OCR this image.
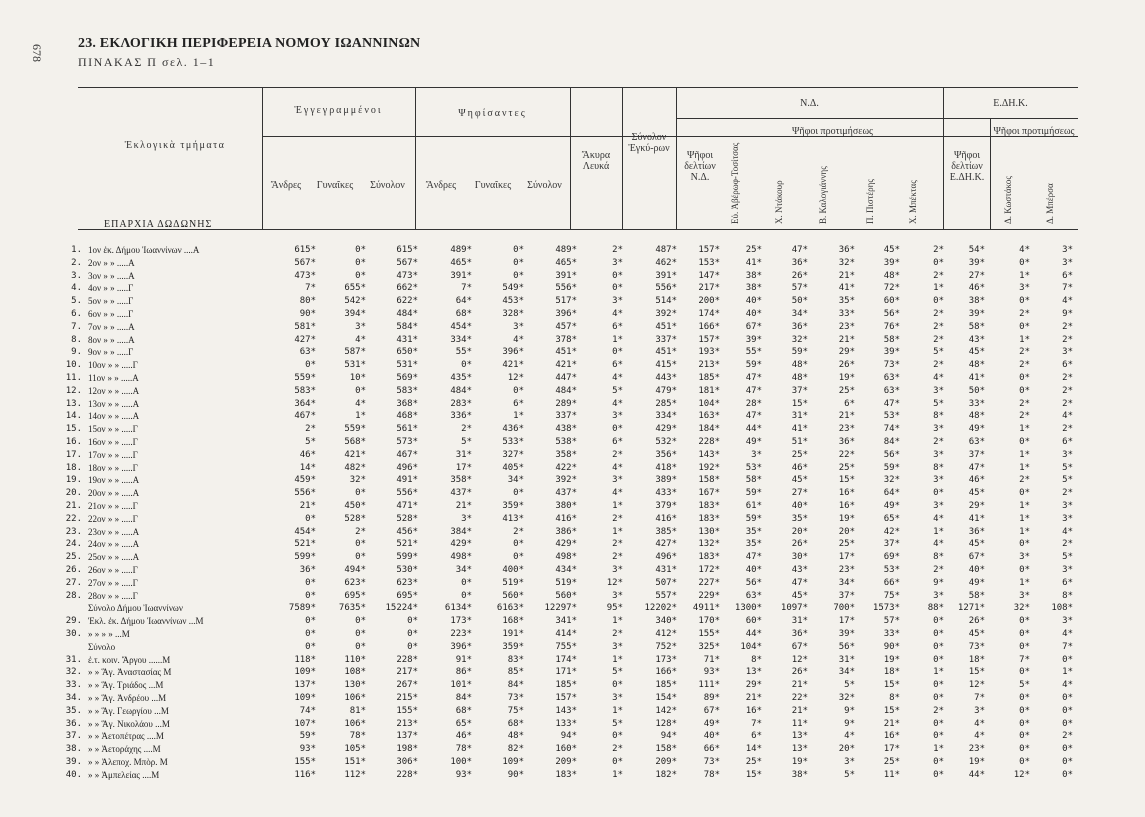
678
23. ΕΚΛΟΓΙΚΗ ΠΕΡΙΦΕΡΕΙΑ ΝΟΜΟΥ ΙΩΑΝΝΙΝΩΝ
ΠΙΝΑΚΑΣ Π σελ. 1–1
Ἐκλογικὰ τμήματα
Ἐγγεγραμμένοι	Ψηφίσαντες
Ἄνδρες	Γυναῖκες	Σύνολον	Ἄνδρες	Γυναῖκες	Σύνολον
Ἄκυρα Λευκά
Σύνολον Ἐγκύ-ρων
Ν.Δ.
Ψῆφοι δελτίων Ν.Δ.
Ψῆφοι προτιμήσεως
Ε.ΔΗ.Κ.
Ψῆφοι δελτίων Ε.ΔΗ.Κ.
Ψῆφοι προτιμήσεως
Εὐ. Ἀβέρωφ-Τοσίτσας	Χ. Ντάκουρ	Β. Καλογιάννης	Π. Πιστέρης	Χ. Μπέκτας	Δ. Κωστάκος	Δ. Μπέρσα
ΕΠΑΡΧΙΑ ΔΩΔΩΝΗΣ
1. 1ον ἐκ. Δήμου Ἰωαννίνων ....Α	615*	0*	615*	489*	0*	489*	2*	487*	157*	25*	47*	36*	45*	2*	54*	4*	3*
2. 2ον » » .....Α	567*	0*	567*	465*	0*	465*	3*	462*	153*	41*	36*	32*	39*	0*	39*	0*	3*
3. 3ον » » .....Α	473*	0*	473*	391*	0*	391*	0*	391*	147*	38*	26*	21*	48*	2*	27*	1*	6*
4. 4ον » » .....Γ	7*	655*	662*	7*	549*	556*	0*	556*	217*	38*	57*	41*	72*	1*	46*	3*	7*
5. 5ον » » .....Γ	80*	542*	622*	64*	453*	517*	3*	514*	200*	40*	50*	35*	60*	0*	38*	0*	4*
6. 6ον » » .....Γ	90*	394*	484*	68*	328*	396*	4*	392*	174*	40*	34*	33*	56*	2*	39*	2*	9*
7. 7ον » » .....Α	581*	3*	584*	454*	3*	457*	6*	451*	166*	67*	36*	23*	76*	2*	58*	0*	2*
8. 8ον » » .....Α	427*	4*	431*	334*	4*	378*	1*	337*	157*	39*	32*	21*	58*	2*	43*	1*	2*
9. 9ον » » .....Γ	63*	587*	650*	55*	396*	451*	0*	451*	193*	55*	59*	29*	39*	5*	45*	2*	3*
10. 10ον » » .....Γ	0*	531*	531*	0*	421*	421*	6*	415*	213*	59*	48*	26*	73*	2*	48*	2*	6*
11. 11ον » » .....Α	559*	10*	569*	435*	12*	447*	4*	443*	185*	47*	48*	19*	63*	4*	41*	0*	2*
12. 12ον » » .....Α	583*	0*	583*	484*	0*	484*	5*	479*	181*	47*	37*	25*	63*	3*	50*	0*	2*
13. 13ον » » .....Α	364*	4*	368*	283*	6*	289*	4*	285*	104*	28*	15*	6*	47*	5*	33*	2*	2*
14. 14ον » » .....Α	467*	1*	468*	336*	1*	337*	3*	334*	163*	47*	31*	21*	53*	8*	48*	2*	4*
15. 15ον » » .....Γ	2*	559*	561*	2*	436*	438*	0*	429*	184*	44*	41*	23*	74*	3*	49*	1*	2*
16. 16ον » » .....Γ	5*	568*	573*	5*	533*	538*	6*	532*	228*	49*	51*	36*	84*	2*	63*	0*	6*
17. 17ον » » .....Γ	46*	421*	467*	31*	327*	358*	2*	356*	143*	3*	25*	22*	56*	3*	37*	1*	3*
18. 18ον » » .....Γ	14*	482*	496*	17*	405*	422*	4*	418*	192*	53*	46*	25*	59*	8*	47*	1*	5*
19. 19ον » » .....Α	459*	32*	491*	358*	34*	392*	3*	389*	158*	58*	45*	15*	32*	3*	46*	2*	5*
20. 20ον » » .....Α	556*	0*	556*	437*	0*	437*	4*	433*	167*	59*	27*	16*	64*	0*	45*	0*	2*
21. 21ον » » .....Γ	21*	450*	471*	21*	359*	380*	1*	379*	183*	61*	40*	16*	49*	3*	29*	1*	3*
22. 22ον » » .....Γ	0*	528*	528*	3*	413*	416*	2*	416*	183*	59*	35*	19*	65*	4*	41*	1*	3*
23. 23ον » » .....Α	454*	2*	456*	384*	2*	386*	1*	385*	130*	35*	20*	20*	42*	1*	36*	1*	4*
24. 24ον » » .....Α	521*	0*	521*	429*	0*	429*	2*	427*	132*	35*	26*	25*	37*	4*	45*	0*	2*
25. 25ον » » .....Α	599*	0*	599*	498*	0*	498*	2*	496*	183*	47*	30*	17*	69*	8*	67*	3*	5*
26. 26ον » » .....Γ	36*	494*	530*	34*	400*	434*	3*	431*	172*	40*	43*	23*	53*	2*	40*	0*	3*
27. 27ον » » .....Γ	0*	623*	623*	0*	519*	519*	12*	507*	227*	56*	47*	34*	66*	9*	49*	1*	6*
28. 28ον » » .....Γ	0*	695*	695*	0*	560*	560*	3*	557*	229*	63*	45*	37*	75*	3*	58*	3*	8*
Σύνολο Δήμου Ἰωαννίνων	7589*	7635*	15224*	6134*	6163*	12297*	95*	12202*	4911*	1300*	1097*	700*	1573*	88*	1271*	32*	108*
29. Ἐκλ. ἐκ. Δήμου Ἰωαννίνων ...Μ	0*	0*	0*	173*	168*	341*	1*	340*	170*	60*	31*	17*	57*	0*	26*	0*	3*
30. » » » » ...Μ	0*	0*	0*	223*	191*	414*	2*	412*	155*	44*	36*	39*	33*	0*	45*	0*	4*
Σύνολο	0*	0*	0*	396*	359*	755*	3*	752*	325*	104*	67*	56*	90*	0*	73*	0*	7*
31. ἐ.τ. κοιν. Ἄργου ......Μ	118*	110*	228*	91*	83*	174*	1*	173*	71*	8*	12*	31*	19*	0*	18*	7*	0*
32. » » Ἅγ. Ἀναστασίας Μ	109*	108*	217*	86*	85*	171*	5*	166*	93*	13*	26*	34*	18*	1*	15*	0*	1*
33. » » Ἅγ. Τριάδος ...Μ	137*	130*	267*	101*	84*	185*	0*	185*	111*	29*	21*	5*	15*	0*	12*	5*	4*
34. » » Ἅγ. Ἀνδρέου ...Μ	109*	106*	215*	84*	73*	157*	3*	154*	89*	21*	22*	32*	8*	0*	7*	0*	0*
35. » » Ἅγ. Γεωργίου ...Μ	74*	81*	155*	68*	75*	143*	1*	142*	67*	16*	21*	9*	15*	2*	3*	0*	0*
36. » » Ἅγ. Νικολάου ...Μ	107*	106*	213*	65*	68*	133*	5*	128*	49*	7*	11*	9*	21*	0*	4*	0*	0*
37. » » Ἀετοπέτρας ....Μ	59*	78*	137*	46*	48*	94*	0*	94*	40*	6*	13*	4*	16*	0*	4*	0*	2*
38. » » Ἀετοράχης ....Μ	93*	105*	198*	78*	82*	160*	2*	158*	66*	14*	13*	20*	17*	1*	23*	0*	0*
39. » » Ἀλεποχ. Μπὸρ. Μ	155*	151*	306*	100*	109*	209*	0*	209*	73*	25*	19*	3*	25*	0*	19*	0*	0*
40. » » Ἀμπελείας ....Μ	116*	112*	228*	93*	90*	183*	1*	182*	78*	15*	38*	5*	11*	0*	44*	12*	0*
